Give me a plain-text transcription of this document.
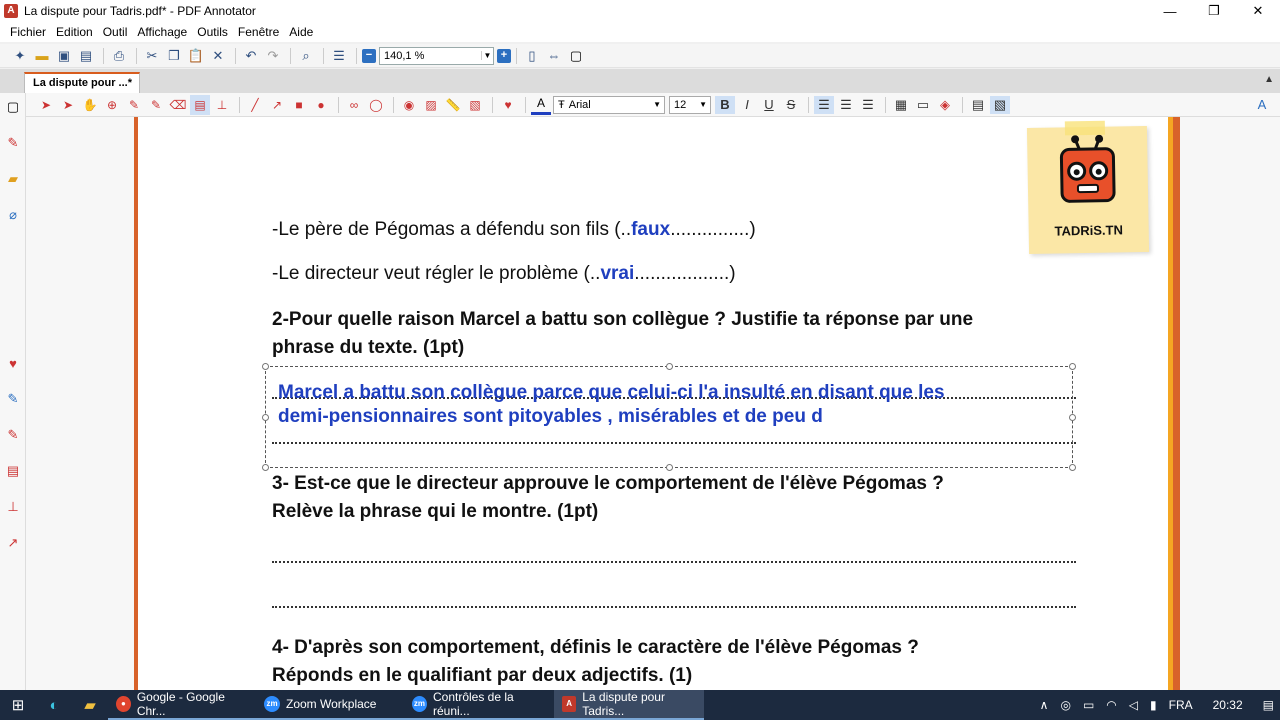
A La dispute pour Tadris.pdf* - PDF Annotator	—	❐	✕
Fichier Edition Outil Affichage Outils Fenêtre Aide
✦ ▬ ▣ ▤	⎙	✂ ❐ 📋 ✕	↶ ↷	⌕	☰	−	140,1 %	▼ +	▯ ⇔ ▢
La dispute pour ...*	▲
▢
✎
▰
⌀
♥
✎
✎
▤
⊥
↗
➤ ➤ ✋ ⊕ ✎ ✎ ⌫ ▤ ⊥	╱	↗	■	●	∞ ◯	◉ ▨ 📏 ▧	♥	A	Ŧ Arial	▼ 12	▼	B	I	U S	☰ ☰ ☰	▦ ▭ ◈	▤ ▧	A
TADRiS.TN
-Le père de Pégomas a défendu son fils (..faux...............)
-Le directeur veut régler le problème (..vrai..................)
2-Pour quelle raison Marcel a battu son collègue ? Justifie ta réponse par une
phrase du texte. (1pt)
Marcel a battu son collègue parce que celui-ci l'a insulté en disant que les
demi-pensionnaires sont pitoyables , misérables et de peu d
3- Est-ce que le directeur approuve le comportement de l'élève Pégomas ?
Relève la phrase qui le montre. (1pt)
4- D'après son comportement, définis le caractère de l'élève Pégomas ?
Réponds en le qualifiant par deux adjectifs. (1)
⊞	◐	▰	● Google - Google Chr...
zm Zoom Workplace	zm Contrôles de la réuni...
A La dispute pour Tadris...	∧ ◎ ▭ ◠ ◁ ▮ FRA 20:32 ▤
